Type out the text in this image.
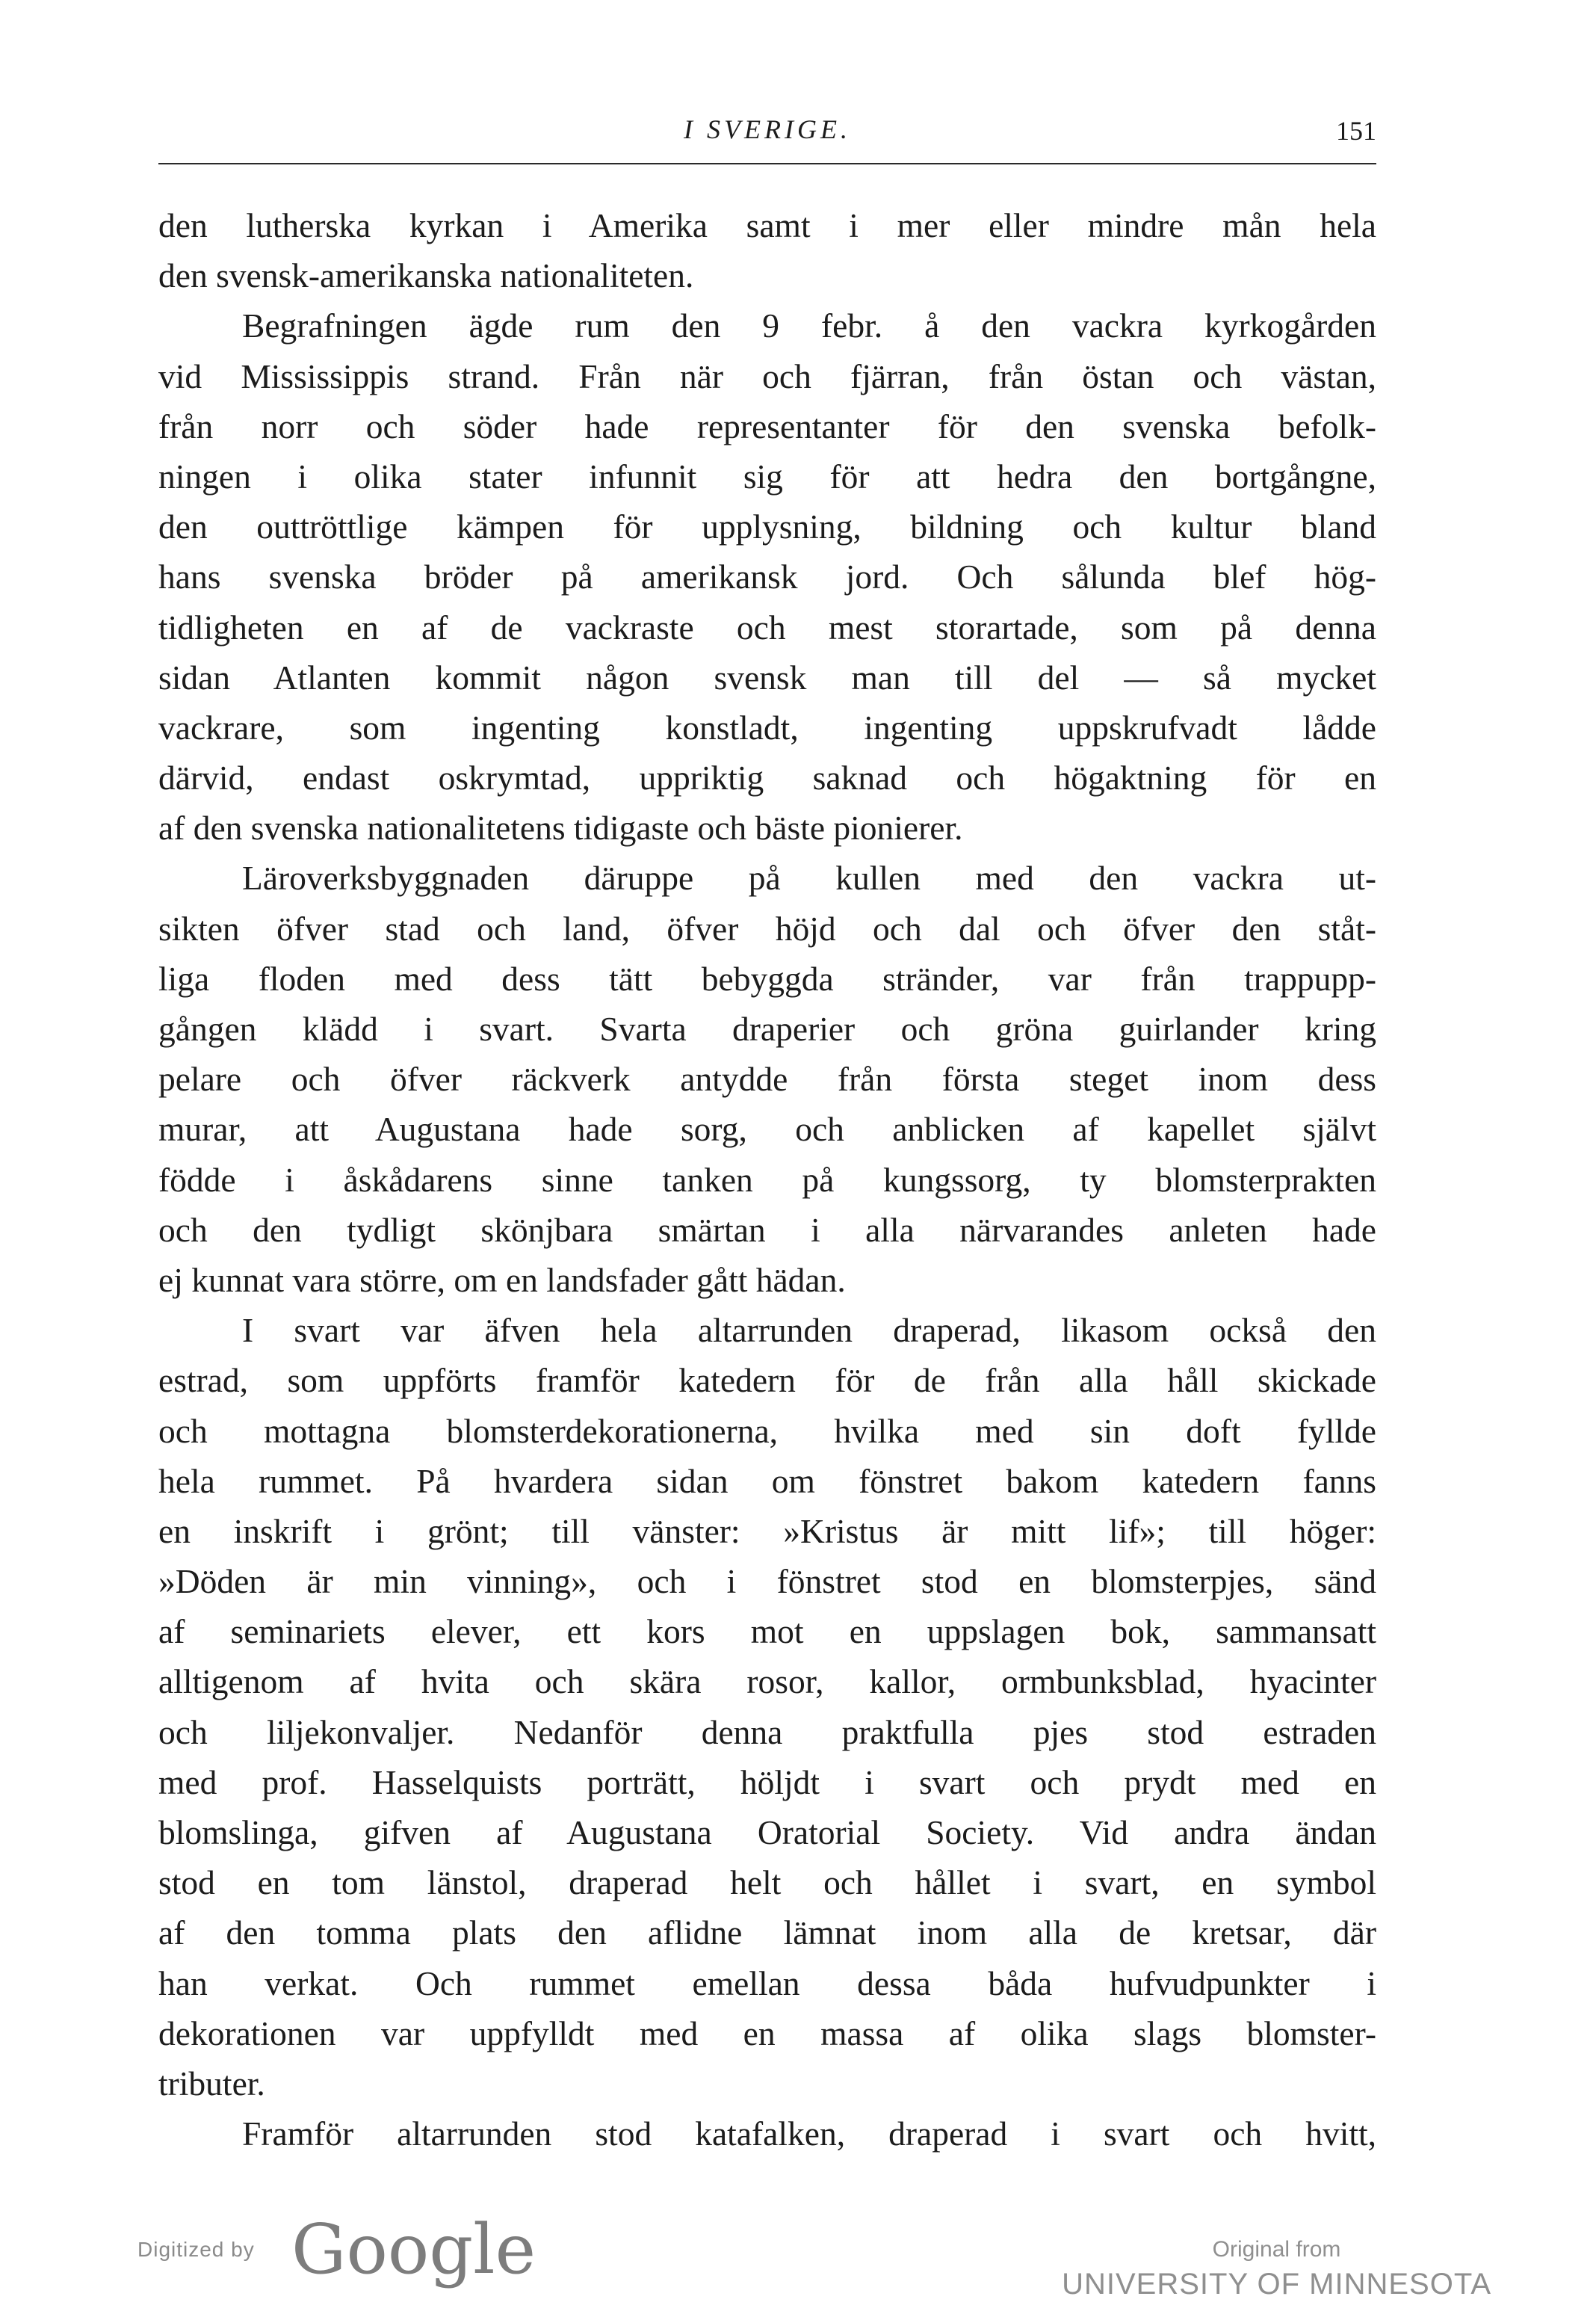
I SVERIGE.	151
den lutherska kyrkan i Amerika samt i mer eller mindre mån hela
den svensk-amerikanska nationaliteten.
Begrafningen ägde rum den 9 febr. å den vackra kyrkogården
vid Mississippis strand. Från när och fjärran, från östan och västan,
från norr och söder hade representanter för den svenska befolk-
ningen i olika stater infunnit sig för att hedra den bortgångne,
den outtröttlige kämpen för upplysning, bildning och kultur bland
hans svenska bröder på amerikansk jord. Och sålunda blef hög-
tidligheten en af de vackraste och mest storartade, som på denna
sidan Atlanten kommit någon svensk man till del — så mycket
vackrare, som ingenting konstladt, ingenting uppskrufvadt lådde
därvid, endast oskrymtad, uppriktig saknad och högaktning för en
af den svenska nationalitetens tidigaste och bäste pionierer.
Läroverksbyggnaden däruppe på kullen med den vackra ut-
sikten öfver stad och land, öfver höjd och dal och öfver den ståt-
liga floden med dess tätt bebyggda stränder, var från trappupp-
gången klädd i svart. Svarta draperier och gröna guirlander kring
pelare och öfver räckverk antydde från första steget inom dess
murar, att Augustana hade sorg, och anblicken af kapellet självt
födde i åskådarens sinne tanken på kungssorg, ty blomsterprakten
och den tydligt skönjbara smärtan i alla närvarandes anleten hade
ej kunnat vara större, om en landsfader gått hädan.
I svart var äfven hela altarrunden draperad, likasom också den
estrad, som uppförts framför katedern för de från alla håll skickade
och mottagna blomsterdekorationerna, hvilka med sin doft fyllde
hela rummet. På hvardera sidan om fönstret bakom katedern fanns
en inskrift i grönt; till vänster: »Kristus är mitt lif»; till höger:
»Döden är min vinning», och i fönstret stod en blomsterpjes, sänd
af seminariets elever, ett kors mot en uppslagen bok, sammansatt
alltigenom af hvita och skära rosor, kallor, ormbunksblad, hyacinter
och liljekonvaljer. Nedanför denna praktfulla pjes stod estraden
med prof. Hasselquists porträtt, höljdt i svart och prydt med en
blomslinga, gifven af Augustana Oratorial Society. Vid andra ändan
stod en tom länstol, draperad helt och hållet i svart, en symbol
af den tomma plats den aflidne lämnat inom alla de kretsar, där
han verkat. Och rummet emellan dessa båda hufvudpunkter i
dekorationen var uppfylldt med en massa af olika slags blomster-
tributer.
Framför altarrunden stod katafalken, draperad i svart och hvitt,
Digitized by Google	Original from
UNIVERSITY OF MINNESOTA
